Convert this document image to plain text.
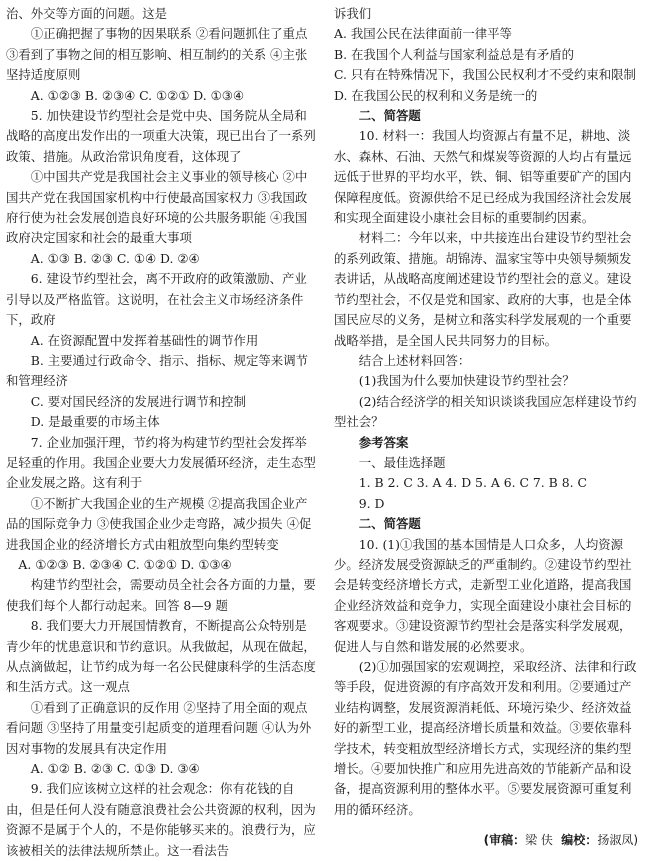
治、外交等方面的问题。这是

①正确把握了事物的因果联系 ②看问题抓住了重点 ③看到了事物之间的相互影响、相互制约的关系 ④主张坚持适度原则

A. ①②③ B. ②③④ C. ①②① D. ①③④

5. 加快建设节约型社会是党中央、国务院从全局和战略的高度出发作出的一项重大决策，现已出台了一系列政策、措施。从政治常识角度看，这体现了

①中国共产党是我国社会主义事业的领导核心 ②中国共产党在我国国家机构中行使最高国家权力 ③我国政府行使为社会发展创造良好环境的公共服务职能 ④我国政府决定国家和社会的最重大事项

A. ①③ B. ②③ C. ①④ D. ②④

6. 建设节约型社会，离不开政府的政策激励、产业引导以及严格监管。这说明，在社会主义市场经济条件下，政府

A. 在资源配置中发挥着基础性的调节作用

B. 主要通过行政命令、指示、指标、规定等来调节和管理经济

C. 要对国民经济的发展进行调节和控制

D. 是最重要的市场主体

7. 企业加强汗理，节约将为构建节约型社会发挥举足轻重的作用。我国企业要大力发展循环经济，走生态型企业发展之路。这有利于

①不断扩大我国企业的生产规模 ②提高我国企业产品的国际竞争力 ③使我国企业少走弯路，减少损失 ④促进我国企业的经济增长方式由粗放型向集约型转变

A. ①②③ B. ②③④ C. ①②① D. ①③④

构建节约型社会，需要动员全社会各方面的力量，要使我们每个人都行动起来。回答 8—9 题

8. 我们要大力开展国情教育，不断提高公众特别是青少年的忧患意识和节约意识。从我做起，从现在做起，从点滴做起，让节约成为每一名公民健康科学的生活态度和生活方式。这一观点

①看到了正确意识的反作用 ②坚持了用全面的观点看问题 ③坚持了用量变引起质变的道理看问题 ④认为外因对事物的发展具有决定作用

A. ①② B. ②③ C. ①③ D. ③④

9. 我们应该树立这样的社会观念：你有花钱的自由，但是任何人没有随意浪费社会公共资源的权利，因为资源不是属于个人的，不是你能够买来的。浪费行为，应该被相关的法律法规所禁止。这一看法告

诉我们

A. 我国公民在法律面前一律平等

B. 在我国个人利益与国家利益总是有矛盾的

C. 只有在特殊情况下，我国公民权利才不受约束和限制

D. 在我国公民的权利和义务是统一的

二、简答题

10. 材料一：我国人均资源占有量不足，耕地、淡水、森林、石油、天然气和煤炭等资源的人均占有量远远低于世界的平均水平，铁、铜、铝等重要矿产的国内保障程度低。资源供给不足已经成为我国经济社会发展和实现全面建设小康社会目标的重要制约因素。

材料二：今年以来，中共接连出台建设节约型社会的系列政策、措施。胡锦涛、温家宝等中央领导频频发表讲话，从战略高度阐述建设节约型社会的意义。建设节约型社会，不仅是党和国家、政府的大事，也是全体国民应尽的义务，是树立和落实科学发展观的一个重要战略举措，是全国人民共同努力的目标。

结合上述材料回答：

(1)我国为什么要加快建设节约型社会？

(2)结合经济学的相关知识谈谈我国应怎样建设节约型社会？

参考答案

一、最佳选择题

1. B 2. C 3. A 4. D 5. A 6. C 7. B 8. C

9. D

二、简答题

10. (1)①我国的基本国情是人口众多，人均资源少。经济发展受资源缺乏的严重制约。②建设节约型社会是转变经济增长方式，走新型工业化道路，提高我国企业经济效益和竞争力，实现全面建设小康社会目标的客观要求。③建设资源节约型社会是落实科学发展观，促进人与自然和谐发展的必然要求。

(2)①加强国家的宏观调控，采取经济、法律和行政等手段，促进资源的有序高效开发和利用。②要通过产业结构调整，发展资源消耗低、环境污染少、经济效益好的新型工业，提高经济增长质量和效益。③要依靠科学技术，转变粗放型经济增长方式，实现经济的集约型增长。④要加快推广和应用先进高效的节能新产品和设备，提高资源利用的整体水平。⑤要发展资源可重复利用的循环经济。

(审稿：梁 伕 编校：扬淑凤)
